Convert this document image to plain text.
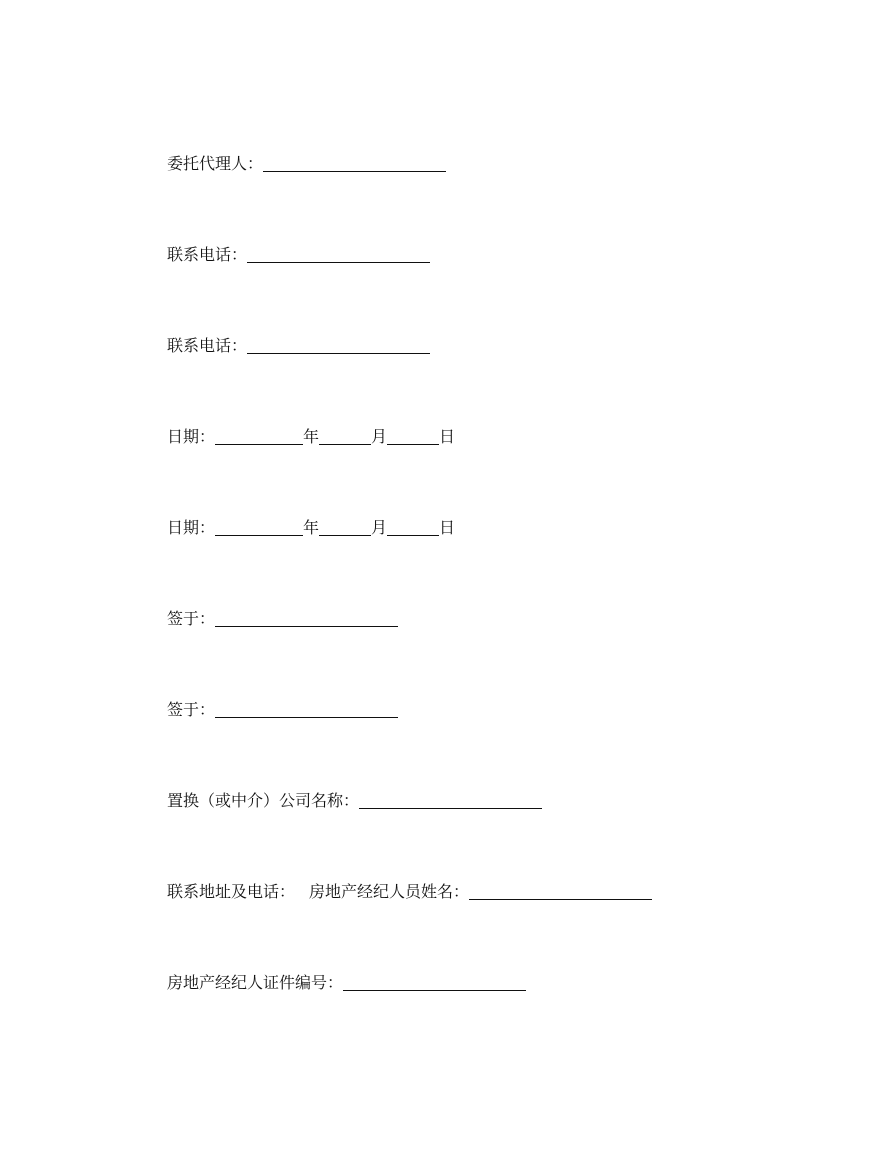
委托代理人：
联系电话：
联系电话：
日期：	年	月	日
日期：	年	月	日
签于：
签于：
置换（或中介）公司名称：
联系地址及电话： 房地产经纪人员姓名：
房地产经纪人证件编号：
